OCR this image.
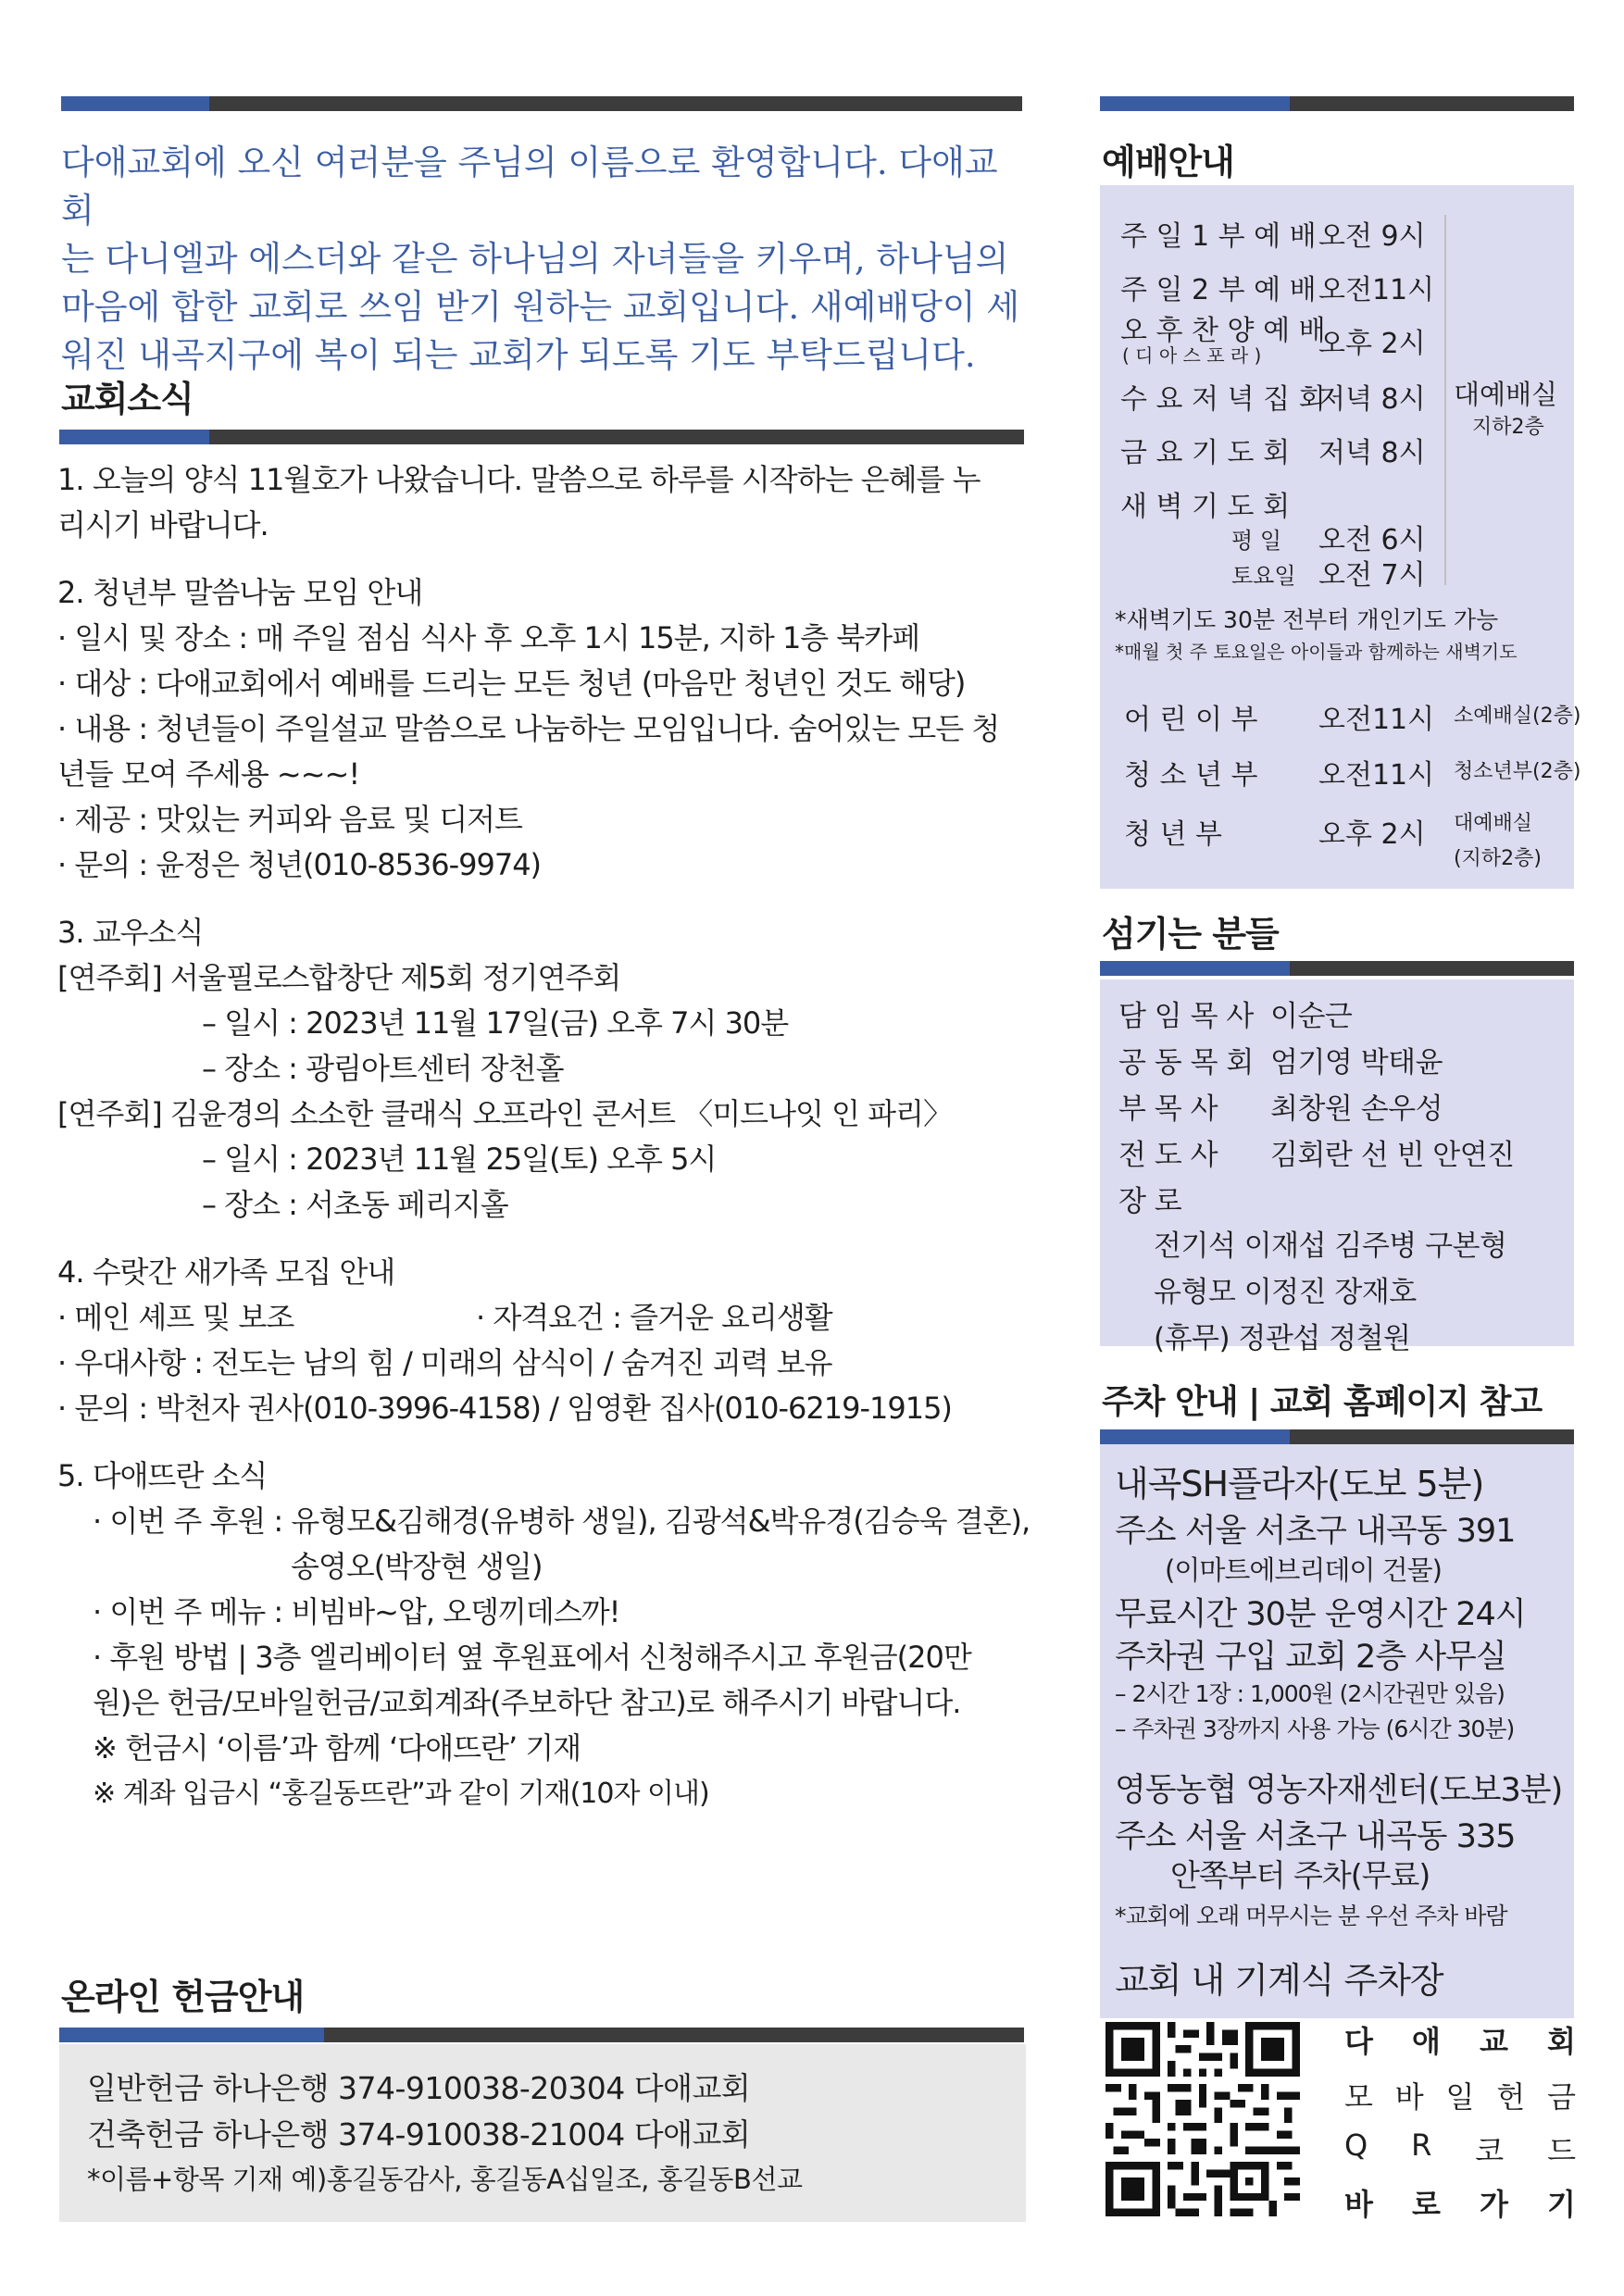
다애교회에 오신 여러분을 주님의 이름으로 환영합니다. 다애교회

는 다니엘과 에스더와 같은 하나님의 자녀들을 키우며, 하나님의

마음에 합한 교회로 쓰임 받기 원하는 교회입니다. 새예배당이 세

워진 내곡지구에 복이 되는 교회가 되도록 기도 부탁드립니다.

교회소식

1. 오늘의 양식 11월호가 나왔습니다. 말씀으로 하루를 시작하는 은혜를 누

리시기 바랍니다.

2. 청년부 말씀나눔 모임 안내

· 일시 및 장소 : 매 주일 점심 식사 후 오후 1시 15분, 지하 1층 북카페

· 대상 : 다애교회에서 예배를 드리는 모든 청년 (마음만 청년인 것도 해당)

· 내용 : 청년들이 주일설교 말씀으로 나눔하는 모임입니다. 숨어있는 모든 청

년들 모여 주세용 ~~~!

· 제공 : 맛있는 커피와 음료 및 디저트

· 문의 : 윤정은 청년(010-8536-9974)

3. 교우소식

[연주회] 서울필로스합창단 제5회 정기연주회

– 일시 : 2023년 11월 17일(금) 오후 7시 30분

– 장소 : 광림아트센터 장천홀

[연주회] 김윤경의 소소한 클래식 오프라인 콘서트 〈미드나잇 인 파리〉

– 일시 : 2023년 11월 25일(토) 오후 5시

– 장소 : 서초동 페리지홀

4. 수랏간 새가족 모집 안내

· 메인 셰프 및 보조	· 자격요건 : 즐거운 요리생활

· 우대사항 : 전도는 남의 힘 / 미래의 삼식이 / 숨겨진 괴력 보유

· 문의 : 박천자 권사(010-3996-4158) / 임영환 집사(010-6219-1915)

5. 다애뜨란 소식

· 이번 주 후원 : 유형모&김해경(유병하 생일), 김광석&박유경(김승욱 결혼),

송영오(박장현 생일)

· 이번 주 메뉴 : 비빔바~압, 오뎅끼데스까!

· 후원 방법 | 3층 엘리베이터 옆 후원표에서 신청해주시고 후원금(20만

원)은 헌금/모바일헌금/교회계좌(주보하단 참고)로 해주시기 바랍니다.

※ 헌금시 ‘이름’과 함께 ‘다애뜨란’ 기재

※ 계좌 입금시 “홍길동뜨란”과 같이 기재(10자 이내)

온라인 헌금안내
일반헌금 하나은행 374-910038-20304 다애교회
건축헌금 하나은행 374-910038-21004 다애교회
*이름+항목 기재 예)홍길동감사, 홍길동A십일조, 홍길동B선교
예배안내
주 일 1 부 예 배 오전 9시
주 일 2 부 예 배 오전11시
오 후 찬 양 예 배
( 디 아 스 포 라 ) 오후 2시
수 요 저 녁 집 회
저녁 8시
금 요 기 도 회 저녁 8시
새 벽 기 도 회
평 일 오전 6시
토요일 오전 7시
대예배실
지하2층
*새벽기도 30분 전부터 개인기도 가능
*매월 첫 주 토요일은 아이들과 함께하는 새벽기도
어 린 이 부 오전11시 소예배실(2층)
청 소 년 부 오전11시 청소년부(2층)
청 년 부	오후 2시 대예배실
(지하2층)
섬기는 분들
담 임 목 사 이순근
공 동 목 회 엄기영 박태윤
부 목 사 최창원 손우성
전 도 사 김회란 선 빈 안연진
장 로
전기석 이재섭 김주병 구본형
유형모 이정진 장재호
(휴무) 정관섭 정철원
주차 안내 | 교회 홈페이지 참고
내곡SH플라자(도보 5분)
주소 서울 서초구 내곡동 391
(이마트에브리데이 건물)
무료시간 30분 운영시간 24시
주차권 구입 교회 2층 사무실
– 2시간 1장 : 1,000원 (2시간권만 있음)
– 주차권 3장까지 사용 가능 (6시간 30분)
영동농협 영농자재센터(도보3분)
주소 서울 서초구 내곡동 335
안쪽부터 주차(무료)
*교회에 오래 머무시는 분 우선 주차 바람
교회 내 기계식 주차장
다 애 교 회
모 바 일 헌 금
Q R 코 드
바 로 가 기
